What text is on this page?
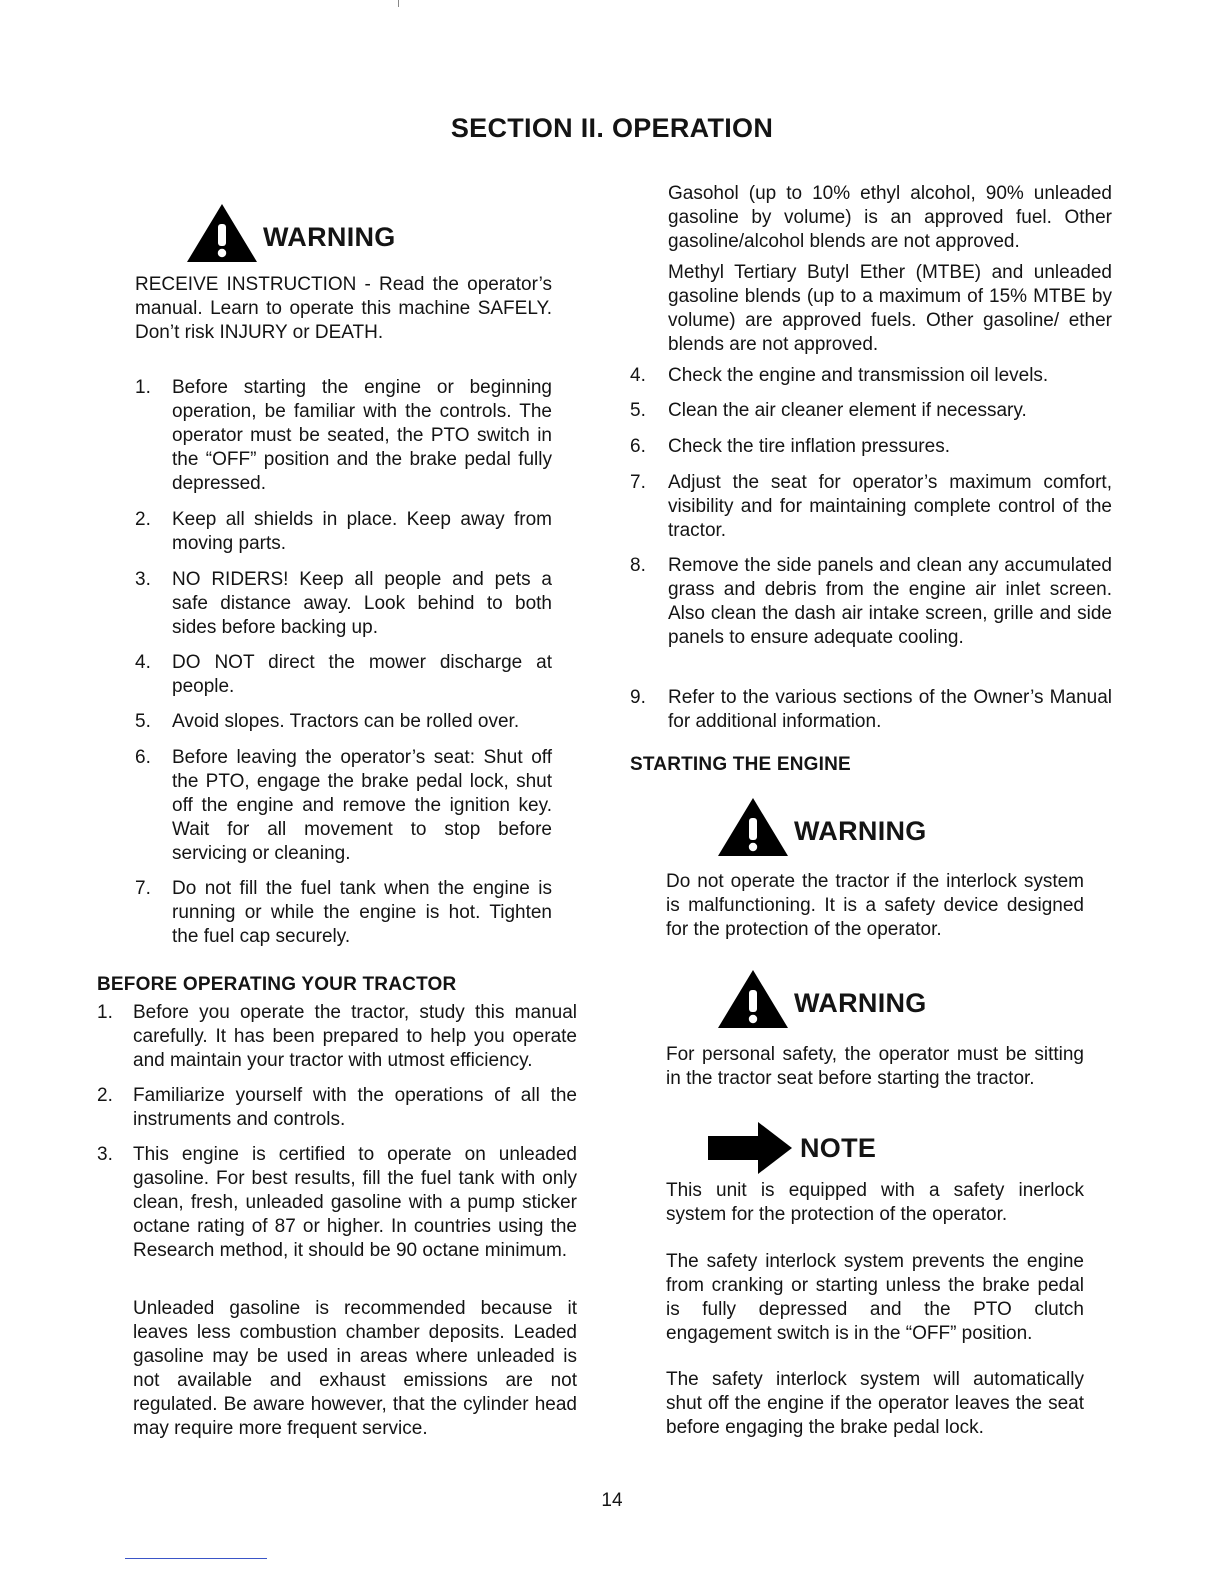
SECTION II. OPERATION
WARNING

RECEIVE INSTRUCTION - Read the operator’s manual. Learn to operate this machine SAFELY. Don’t risk INJURY or DEATH.

1.	Before starting the engine or beginning operation, be familiar with the controls. The operator must be seated, the PTO switch in the “OFF” position and the brake pedal fully depressed.
2.	Keep all shields in place. Keep away from moving parts.
3.	NO RIDERS! Keep all people and pets a safe distance away. Look behind to both sides before backing up.
4.	DO NOT direct the mower discharge at people.
5.	Avoid slopes. Tractors can be rolled over.
6.	Before leaving the operator’s seat: Shut off the PTO, engage the brake pedal lock, shut off the engine and remove the ignition key. Wait for all movement to stop before servicing or cleaning.
7.	Do not fill the fuel tank when the engine is running or while the engine is hot. Tighten the fuel cap securely.
BEFORE OPERATING YOUR TRACTOR
1.	Before you operate the tractor, study this manual carefully. It has been prepared to help you operate and maintain your tractor with utmost efficiency.
2.	Familiarize yourself with the operations of all the instruments and controls.
3.	This engine is certified to operate on unleaded gasoline. For best results, fill the fuel tank with only clean, fresh, unleaded gasoline with a pump sticker octane rating of 87 or higher. In countries using the Research method, it should be 90 octane minimum.

Unleaded gasoline is recommended because it leaves less combustion chamber deposits. Leaded gasoline may be used in areas where unleaded is not available and exhaust emissions are not regulated. Be aware however, that the cylinder head may require more frequent service.

Gasohol (up to 10% ethyl alcohol, 90% unleaded gasoline by volume) is an approved fuel. Other gasoline/alcohol blends are not approved.

Methyl Tertiary Butyl Ether (MTBE) and unleaded gasoline blends (up to a maximum of 15% MTBE by volume) are approved fuels. Other gasoline/ ether blends are not approved.

4.	Check the engine and transmission oil levels.
5.	Clean the air cleaner element if necessary.
6.	Check the tire inflation pressures.
7.	Adjust the seat for operator’s maximum comfort, visibility and for maintaining complete control of the tractor.
8.	Remove the side panels and clean any accumulated grass and debris from the engine air inlet screen. Also clean the dash air intake screen, grille and side panels to ensure adequate cooling.
9.	Refer to the various sections of the Owner’s Manual for additional information.
STARTING THE ENGINE
WARNING

Do not operate the tractor if the interlock system is malfunctioning. It is a safety device designed for the protection of the operator.

WARNING

For personal safety, the operator must be sitting in the tractor seat before starting the tractor.

NOTE

This unit is equipped with a safety inerlock system for the protection of the operator.

The safety interlock system prevents the engine from cranking or starting unless the brake pedal is fully depressed and the PTO clutch engagement switch is in the “OFF” position.

The safety interlock system will automatically shut off the engine if the operator leaves the seat before engaging the brake pedal lock.

14
